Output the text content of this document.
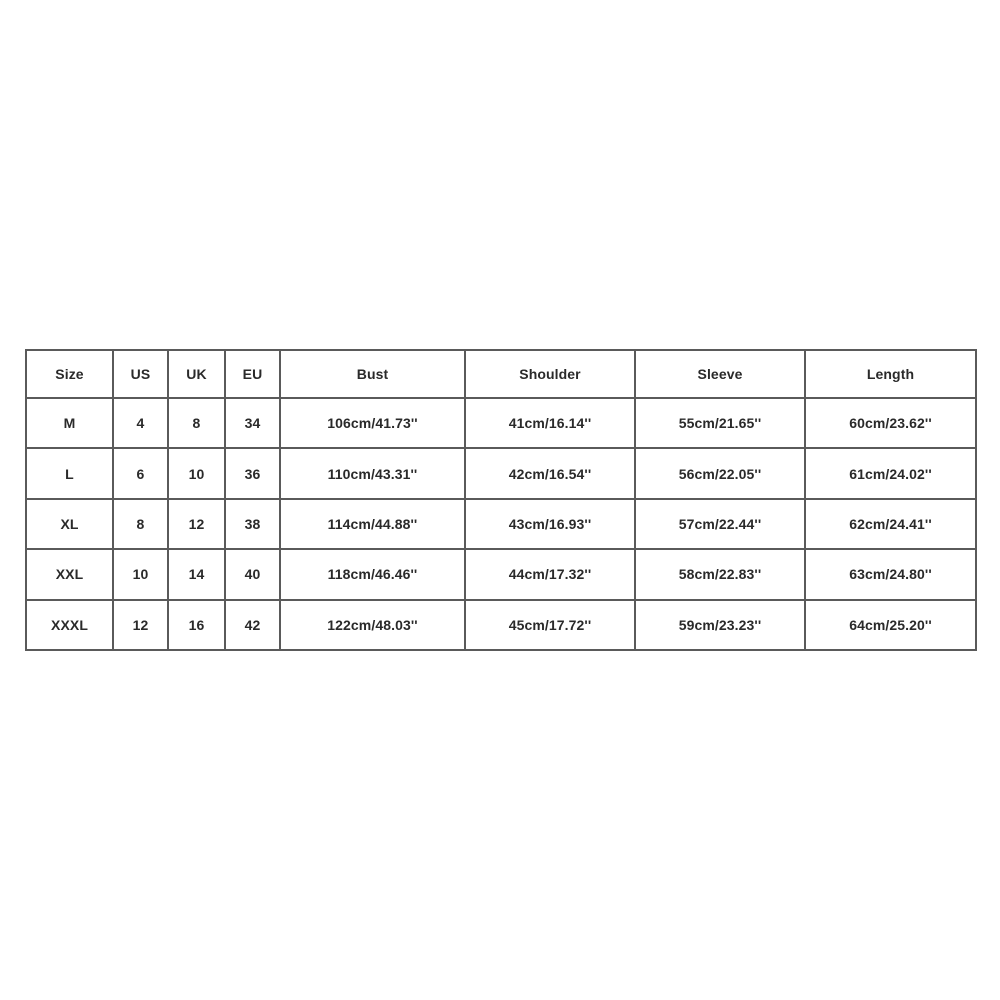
Size	US	UK	EU	Bust	Shoulder	Sleeve	Length
M	4	8	34	106cm/41.73''	41cm/16.14''	55cm/21.65''	60cm/23.62''
L	6	10	36	110cm/43.31''	42cm/16.54''	56cm/22.05''	61cm/24.02''
XL	8	12	38	114cm/44.88''	43cm/16.93''	57cm/22.44''	62cm/24.41''
XXL	10	14	40	118cm/46.46''	44cm/17.32''	58cm/22.83''	63cm/24.80''
XXXL	12	16	42	122cm/48.03''	45cm/17.72''	59cm/23.23''	64cm/25.20''
